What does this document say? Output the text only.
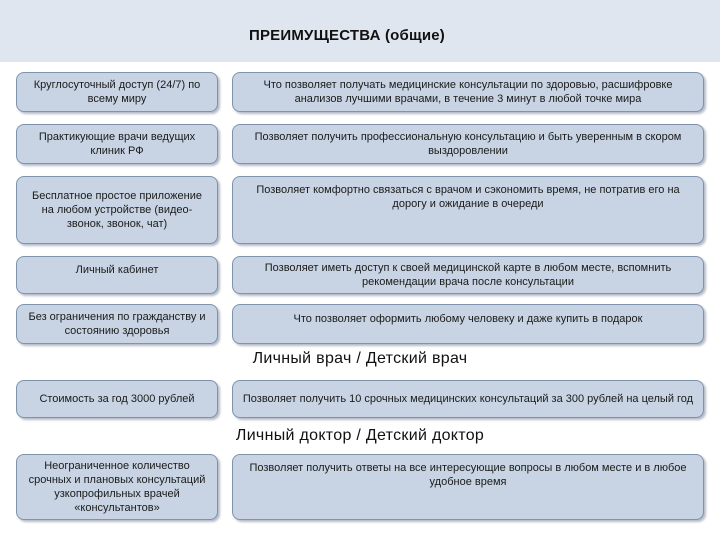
ПРЕИМУЩЕСТВА (общие)
Круглосуточный доступ (24/7) по всему миру
Что позволяет получать медицинские консультации по здоровью, расшифровке анализов лучшими врачами, в течение 3 минут в любой точке мира
Практикующие врачи ведущих клиник РФ
Позволяет получить профессиональную консультацию и быть уверенным в скором выздоровлении
Бесплатное простое приложение на любом устройстве (видео-звонок, звонок, чат)
Позволяет комфортно связаться с врачом и сэкономить время, не потратив его на дорогу и ожидание в очереди
Личный кабинет	Позволяет иметь доступ к своей медицинской карте в любом месте, вспомнить рекомендации врача после консультации
Без ограничения по гражданству и состоянию здоровья
Что позволяет оформить любому человеку и даже купить в подарок
Личный врач / Детский врач
Стоимость за год 3000 рублей	Позволяет получить 10 срочных медицинских консультаций за 300 рублей на целый год
Личный доктор / Детский доктор
Неограниченное количество срочных и плановых консультаций узкопрофильных врачей «консультантов»
Позволяет получить ответы на все интересующие вопросы в любом месте и в любое удобное время
